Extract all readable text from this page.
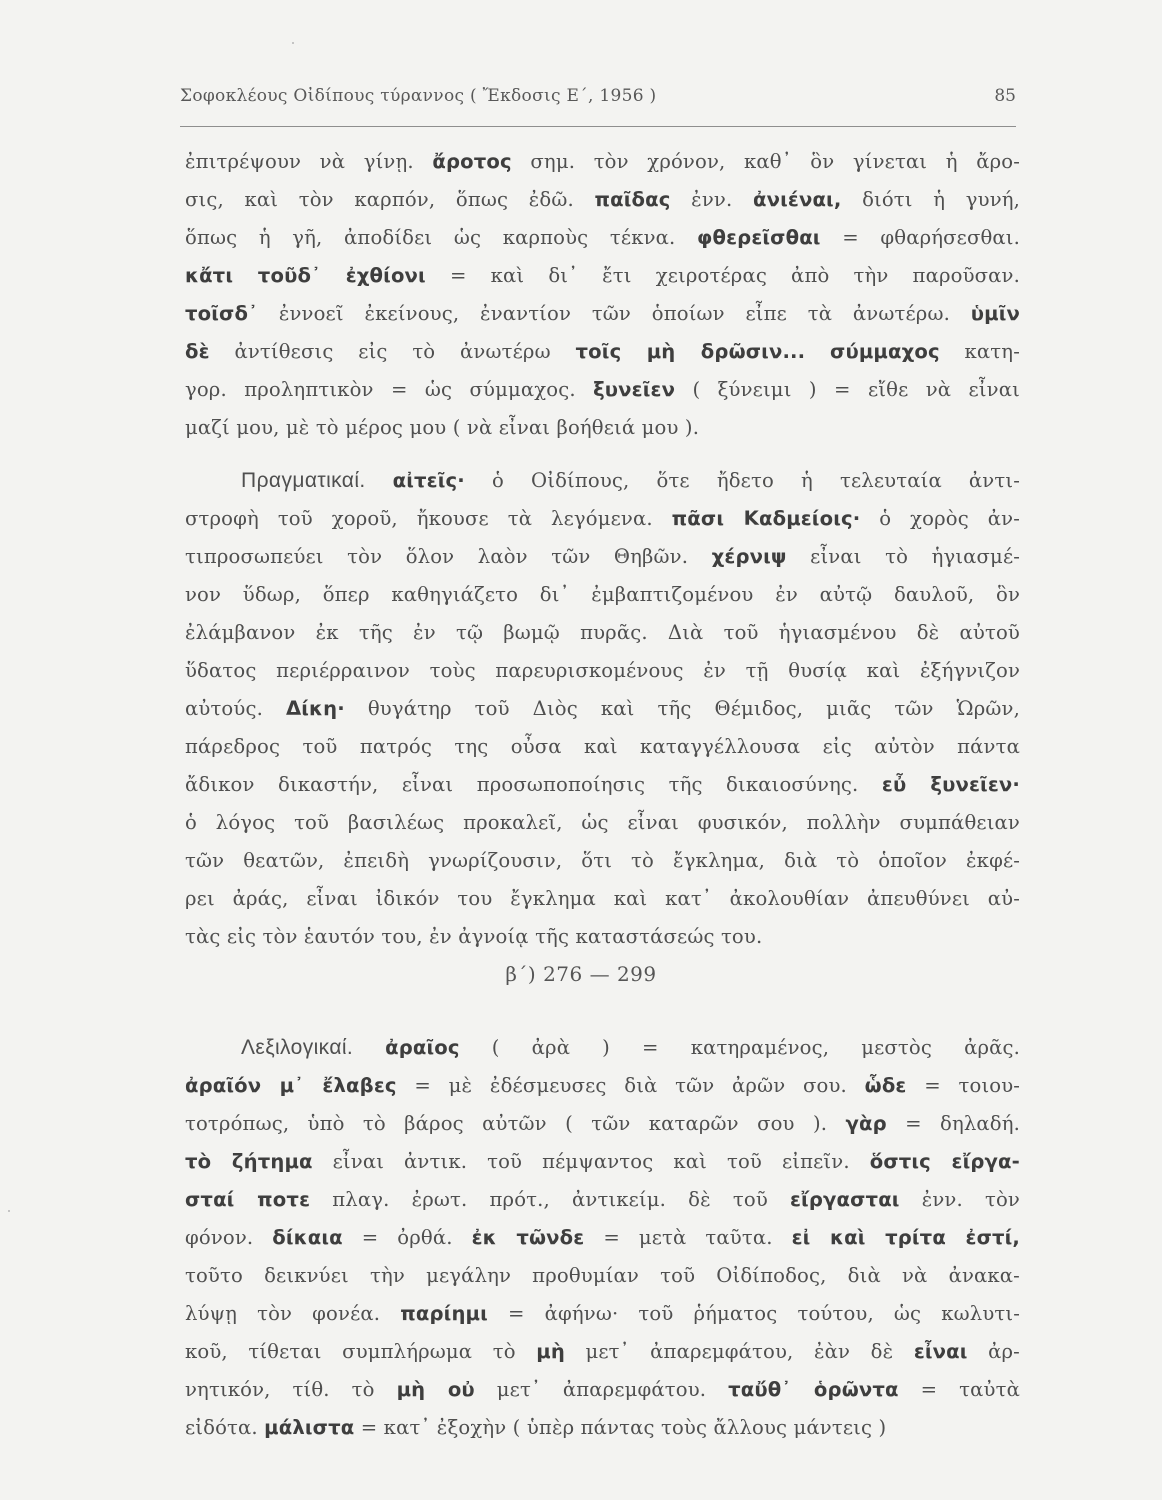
Σοφοκλέους Οἰδίπους τύραννος ( Ἔκδοσις Ε΄, 1956 )	85
ἐπιτρέψουν νὰ γίνῃ. ἄροτος σημ. τὸν χρόνον, καθ᾽ ὃν γίνεται ἡ ἄρο-
σις, καὶ τὸν καρπόν, ὅπως ἐδῶ. παῖδας ἐνν. ἀνιέναι, διότι ἡ γυνή,
ὅπως ἡ γῆ, ἀποδίδει ὡς καρποὺς τέκνα. φθερεῖσθαι = φθαρήσεσθαι.
κἄτι τοῦδ᾽ ἐχθίονι = καὶ δι᾽ ἔτι χειροτέρας ἀπὸ τὴν παροῦσαν.
τοῖσδ᾽ ἐννοεῖ ἐκείνους, ἐναντίον τῶν ὁποίων εἶπε τὰ ἀνωτέρω. ὑμῖν
δὲ ἀντίθεσις εἰς τὸ ἀνωτέρω τοῖς μὴ δρῶσιν... σύμμαχος κατη-
γορ. προληπτικὸν = ὡς σύμμαχος. ξυνεῖεν ( ξύνειμι ) = εἴθε νὰ εἶναι
μαζί μου, μὲ τὸ μέρος μου ( νὰ εἶναι βοήθειά μου ).
Πραγματικαί. αἰτεῖς· ὁ Οἰδίπους, ὅτε ἤδετο ἡ τελευταία ἀντι-
στροφὴ τοῦ χοροῦ, ἤκουσε τὰ λεγόμενα. πᾶσι Καδμείοις· ὁ χορὸς ἀν-
τιπροσωπεύει τὸν ὅλον λαὸν τῶν Θηβῶν. χέρνιψ εἶναι τὸ ἡγιασμέ-
νον ὕδωρ, ὅπερ καθηγιάζετο δι᾽ ἐμβαπτιζομένου ἐν αὐτῷ δαυλοῦ, ὃν
ἐλάμβανον ἐκ τῆς ἐν τῷ βωμῷ πυρᾶς. Διὰ τοῦ ἡγιασμένου δὲ αὐτοῦ
ὕδατος περιέρραινον τοὺς παρευρισκομένους ἐν τῇ θυσίᾳ καὶ ἐξήγνιζον
αὐτούς. Δίκη· θυγάτηρ τοῦ Διὸς καὶ τῆς Θέμιδος, μιᾶς τῶν Ὡρῶν,
πάρεδρος τοῦ πατρός της οὖσα καὶ καταγγέλλουσα εἰς αὐτὸν πάντα
ἄδικον δικαστήν, εἶναι προσωποποίησις τῆς δικαιοσύνης. εὖ ξυνεῖεν·
ὁ λόγος τοῦ βασιλέως προκαλεῖ, ὡς εἶναι φυσικόν, πολλὴν συμπάθειαν
τῶν θεατῶν, ἐπειδὴ γνωρίζουσιν, ὅτι τὸ ἔγκλημα, διὰ τὸ ὁποῖον ἐκφέ-
ρει ἀράς, εἶναι ἰδικόν του ἔγκλημα καὶ κατ᾽ ἀκολουθίαν ἀπευθύνει αὐ-
τὰς εἰς τὸν ἑαυτόν του, ἐν ἀγνοίᾳ τῆς καταστάσεώς του.
β΄) 276 — 299
Λεξιλογικαί. ἀραῖος ( ἀρὰ ) = κατηραμένος, μεστὸς ἀρᾶς.
ἀραῖόν μ᾽ ἔλαβες = μὲ ἐδέσμευσες διὰ τῶν ἀρῶν σου. ὧδε = τοιου-
τοτρόπως, ὑπὸ τὸ βάρος αὐτῶν ( τῶν καταρῶν σου ). γὰρ = δηλαδή.
τὸ ζήτημα εἶναι ἀντικ. τοῦ πέμψαντος καὶ τοῦ εἰπεῖν. ὅστις εἴργα-
σταί ποτε πλαγ. ἐρωτ. πρότ., ἀντικείμ. δὲ τοῦ εἴργασται ἐνν. τὸν
φόνον. δίκαια = ὀρθά. ἐκ τῶνδε = μετὰ ταῦτα. εἰ καὶ τρίτα ἐστί,
τοῦτο δεικνύει τὴν μεγάλην προθυμίαν τοῦ Οἰδίποδος, διὰ νὰ ἀνακα-
λύψῃ τὸν φονέα. παρίημι = ἀφήνω· τοῦ ῥήματος τούτου, ὡς κωλυτι-
κοῦ, τίθεται συμπλήρωμα τὸ μὴ μετ᾽ ἀπαρεμφάτου, ἐὰν δὲ εἶναι ἀρ-
νητικόν, τίθ. τὸ μὴ οὐ μετ᾽ ἀπαρεμφάτου. ταὔθ᾽ ὁρῶντα = ταὐτὰ
εἰδότα. μάλιστα = κατ᾽ ἐξοχὴν ( ὑπὲρ πάντας τοὺς ἄλλους μάντεις )
